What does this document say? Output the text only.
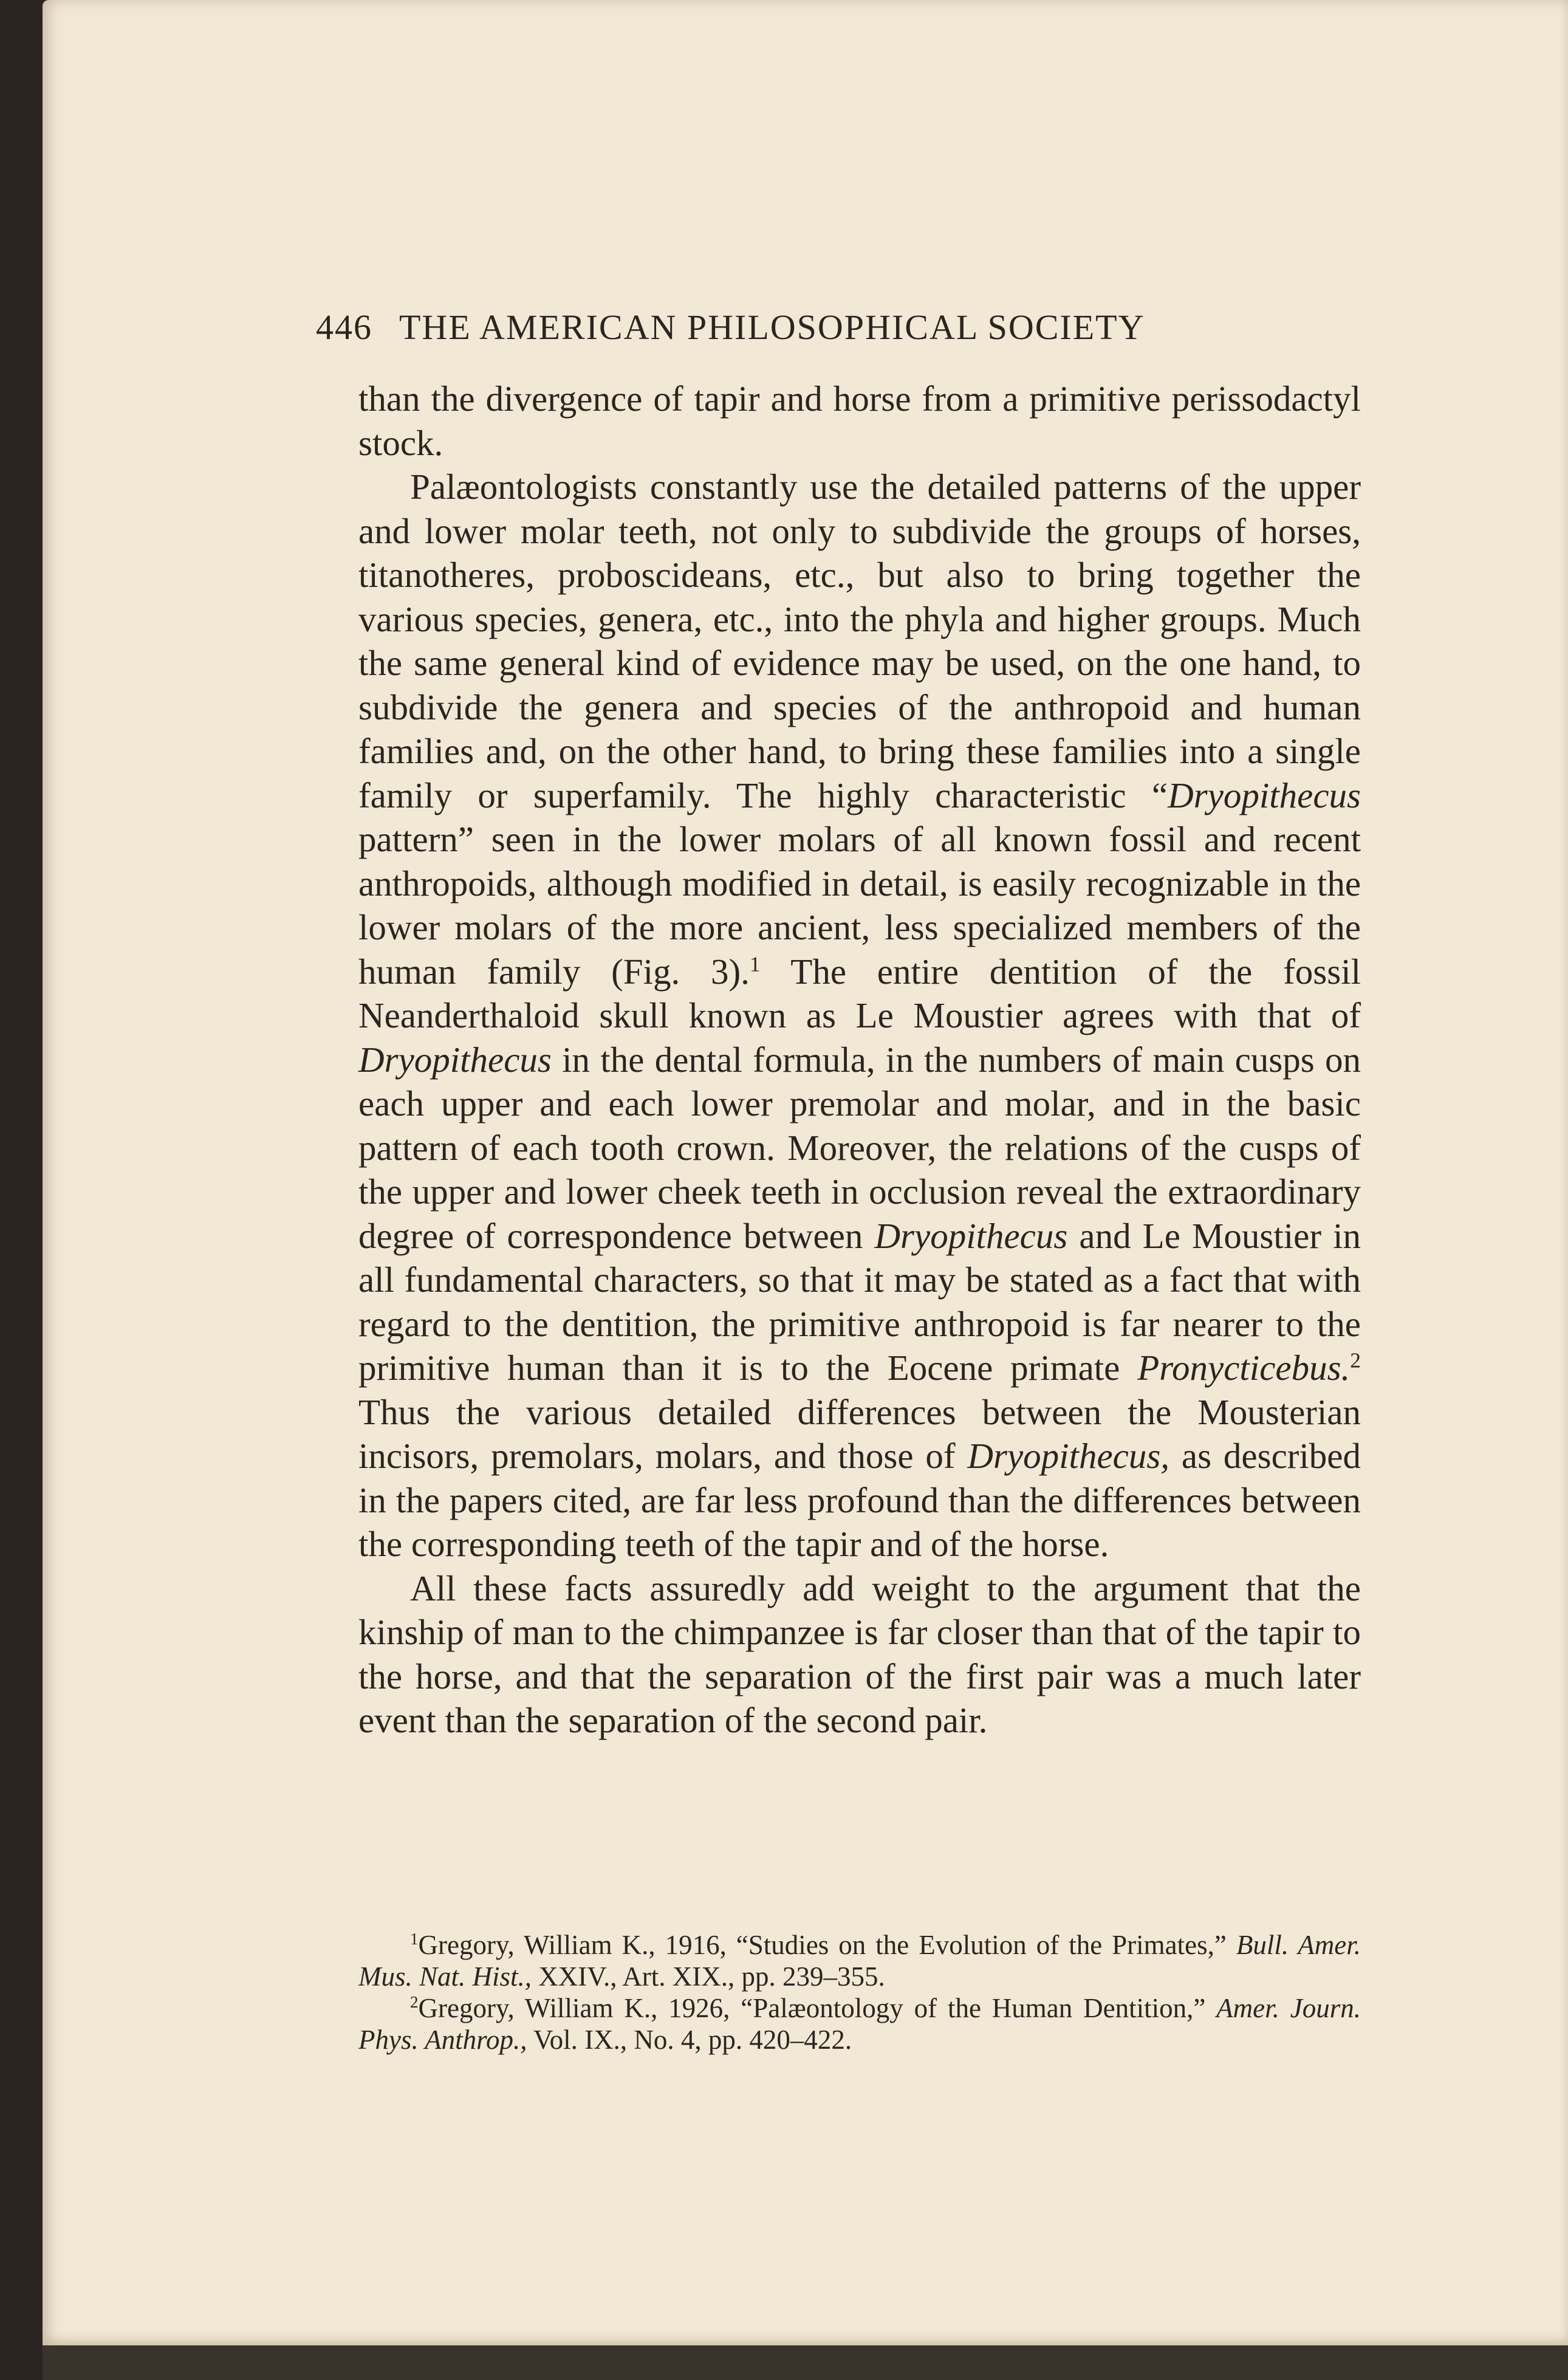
446 THE AMERICAN PHILOSOPHICAL SOCIETY

than the divergence of tapir and horse from a primitive perissodactyl stock.

Palæontologists constantly use the detailed patterns of the upper and lower molar teeth, not only to subdivide the groups of horses, titanotheres, proboscideans, etc., but also to bring together the various species, genera, etc., into the phyla and higher groups. Much the same general kind of evidence may be used, on the one hand, to subdivide the genera and species of the anthropoid and human families and, on the other hand, to bring these families into a single family or superfamily. The highly characteristic “Dryopithecus pattern” seen in the lower molars of all known fossil and recent anthropoids, although modified in detail, is easily recognizable in the lower molars of the more ancient, less specialized members of the human family (Fig. 3).$^1$ The entire dentition of the fossil Neanderthaloid skull known as Le Moustier agrees with that of Dryopithecus in the dental formula, in the numbers of main cusps on each upper and each lower premolar and molar, and in the basic pattern of each tooth crown. Moreover, the relations of the cusps of the upper and lower cheek teeth in occlusion reveal the extraordinary degree of correspondence between Dryopithecus and Le Moustier in all fundamental characters, so that it may be stated as a fact that with regard to the dentition, the primitive anthropoid is far nearer to the primitive human than it is to the Eocene primate Pronycticebus.$^2$ Thus the various detailed differences between the Mousterian incisors, premolars, molars, and those of Dryopithecus, as described in the papers cited, are far less profound than the differences between the corresponding teeth of the tapir and of the horse.

All these facts assuredly add weight to the argument that the kinship of man to the chimpanzee is far closer than that of the tapir to the horse, and that the separation of the first pair was a much later event than the separation of the second pair.

$^1$Gregory, William K., 1916, “Studies on the Evolution of the Primates,” Bull. Amer. Mus. Nat. Hist., XXIV., Art. XIX., pp. 239–355.

$^2$Gregory, William K., 1926, “Palæontology of the Human Dentition,” Amer. Journ. Phys. Anthrop., Vol. IX., No. 4, pp. 420–422.
